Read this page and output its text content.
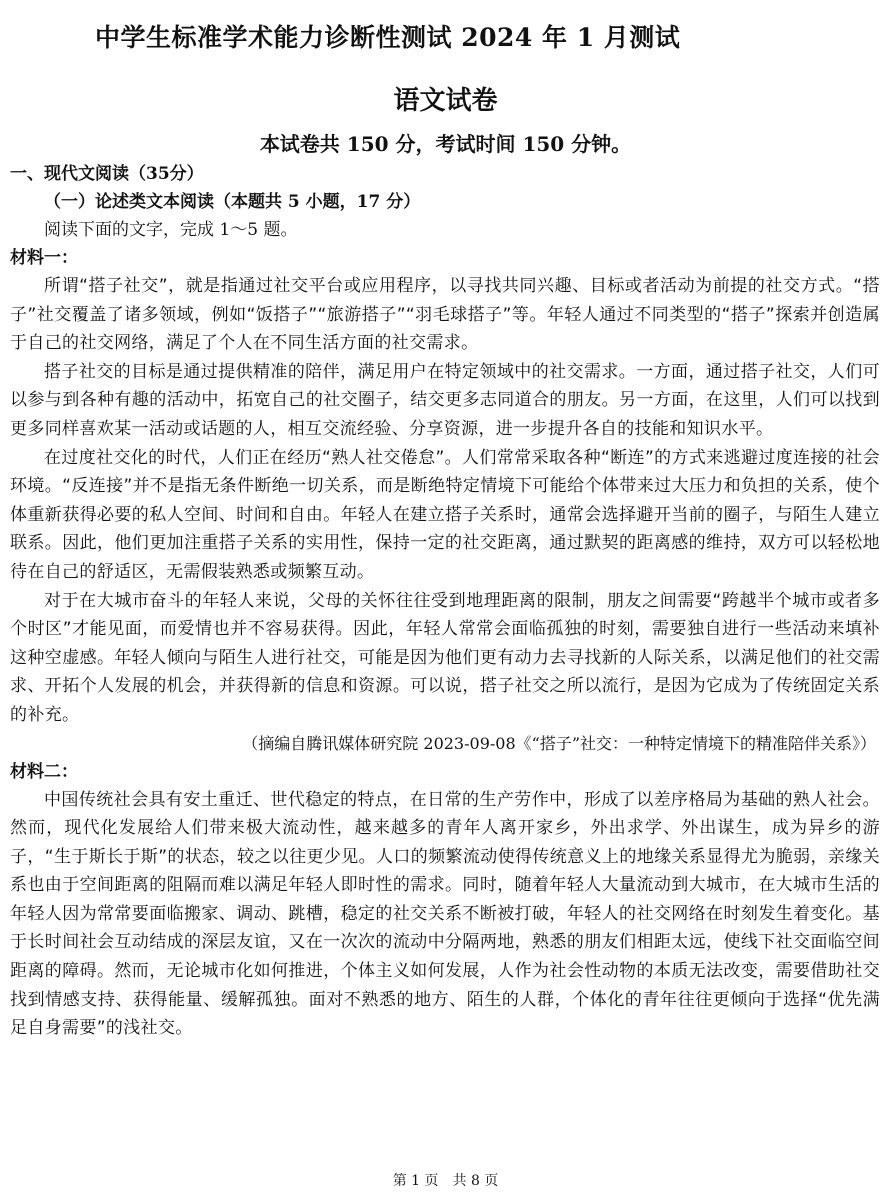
中学生标准学术能力诊断性测试 2024 年 1 月测试
语文试卷
本试卷共 150 分，考试时间 150 分钟。

一、现代文阅读（35分）

（一）论述类文本阅读（本题共 5 小题，17 分）

阅读下面的文字，完成 1～5 题。

材料一：

所谓“搭子社交”，就是指通过社交平台或应用程序，以寻找共同兴趣、目标或者活动为前提的社交方式。“搭子”社交覆盖了诸多领域，例如“饭搭子”“旅游搭子”“羽毛球搭子”等。年轻人通过不同类型的“搭子”探索并创造属于自己的社交网络，满足了个人在不同生活方面的社交需求。

搭子社交的目标是通过提供精准的陪伴，满足用户在特定领域中的社交需求。一方面，通过搭子社交，人们可以参与到各种有趣的活动中，拓宽自己的社交圈子，结交更多志同道合的朋友。另一方面，在这里，人们可以找到更多同样喜欢某一活动或话题的人，相互交流经验、分享资源，进一步提升各自的技能和知识水平。

在过度社交化的时代，人们正在经历“熟人社交倦怠”。人们常常采取各种“断连”的方式来逃避过度连接的社会环境。“反连接”并不是指无条件断绝一切关系，而是断绝特定情境下可能给个体带来过大压力和负担的关系，使个体重新获得必要的私人空间、时间和自由。年轻人在建立搭子关系时，通常会选择避开当前的圈子，与陌生人建立联系。因此，他们更加注重搭子关系的实用性，保持一定的社交距离，通过默契的距离感的维持，双方可以轻松地待在自己的舒适区，无需假装熟悉或频繁互动。

对于在大城市奋斗的年轻人来说，父母的关怀往往受到地理距离的限制，朋友之间需要“跨越半个城市或者多个时区”才能见面，而爱情也并不容易获得。因此，年轻人常常会面临孤独的时刻，需要独自进行一些活动来填补这种空虚感。年轻人倾向与陌生人进行社交，可能是因为他们更有动力去寻找新的人际关系，以满足他们的社交需求、开拓个人发展的机会，并获得新的信息和资源。可以说，搭子社交之所以流行，是因为它成为了传统固定关系的补充。

（摘编自腾讯媒体研究院 2023-09-08《“搭子”社交：一种特定情境下的精准陪伴关系》）

材料二：

中国传统社会具有安土重迁、世代稳定的特点，在日常的生产劳作中，形成了以差序格局为基础的熟人社会。然而，现代化发展给人们带来极大流动性，越来越多的青年人离开家乡，外出求学、外出谋生，成为异乡的游子，“生于斯长于斯”的状态，较之以往更少见。人口的频繁流动使得传统意义上的地缘关系显得尤为脆弱，亲缘关系也由于空间距离的阻隔而难以满足年轻人即时性的需求。同时，随着年轻人大量流动到大城市，在大城市生活的年轻人因为常常要面临搬家、调动、跳槽，稳定的社交关系不断被打破，年轻人的社交网络在时刻发生着变化。基于长时间社会互动结成的深层友谊，又在一次次的流动中分隔两地，熟悉的朋友们相距太远，使线下社交面临空间距离的障碍。然而，无论城市化如何推进，个体主义如何发展，人作为社会性动物的本质无法改变，需要借助社交找到情感支持、获得能量、缓解孤独。面对不熟悉的地方、陌生的人群，个体化的青年往往更倾向于选择“优先满足自身需要”的浅社交。

第 1 页　共 8 页
